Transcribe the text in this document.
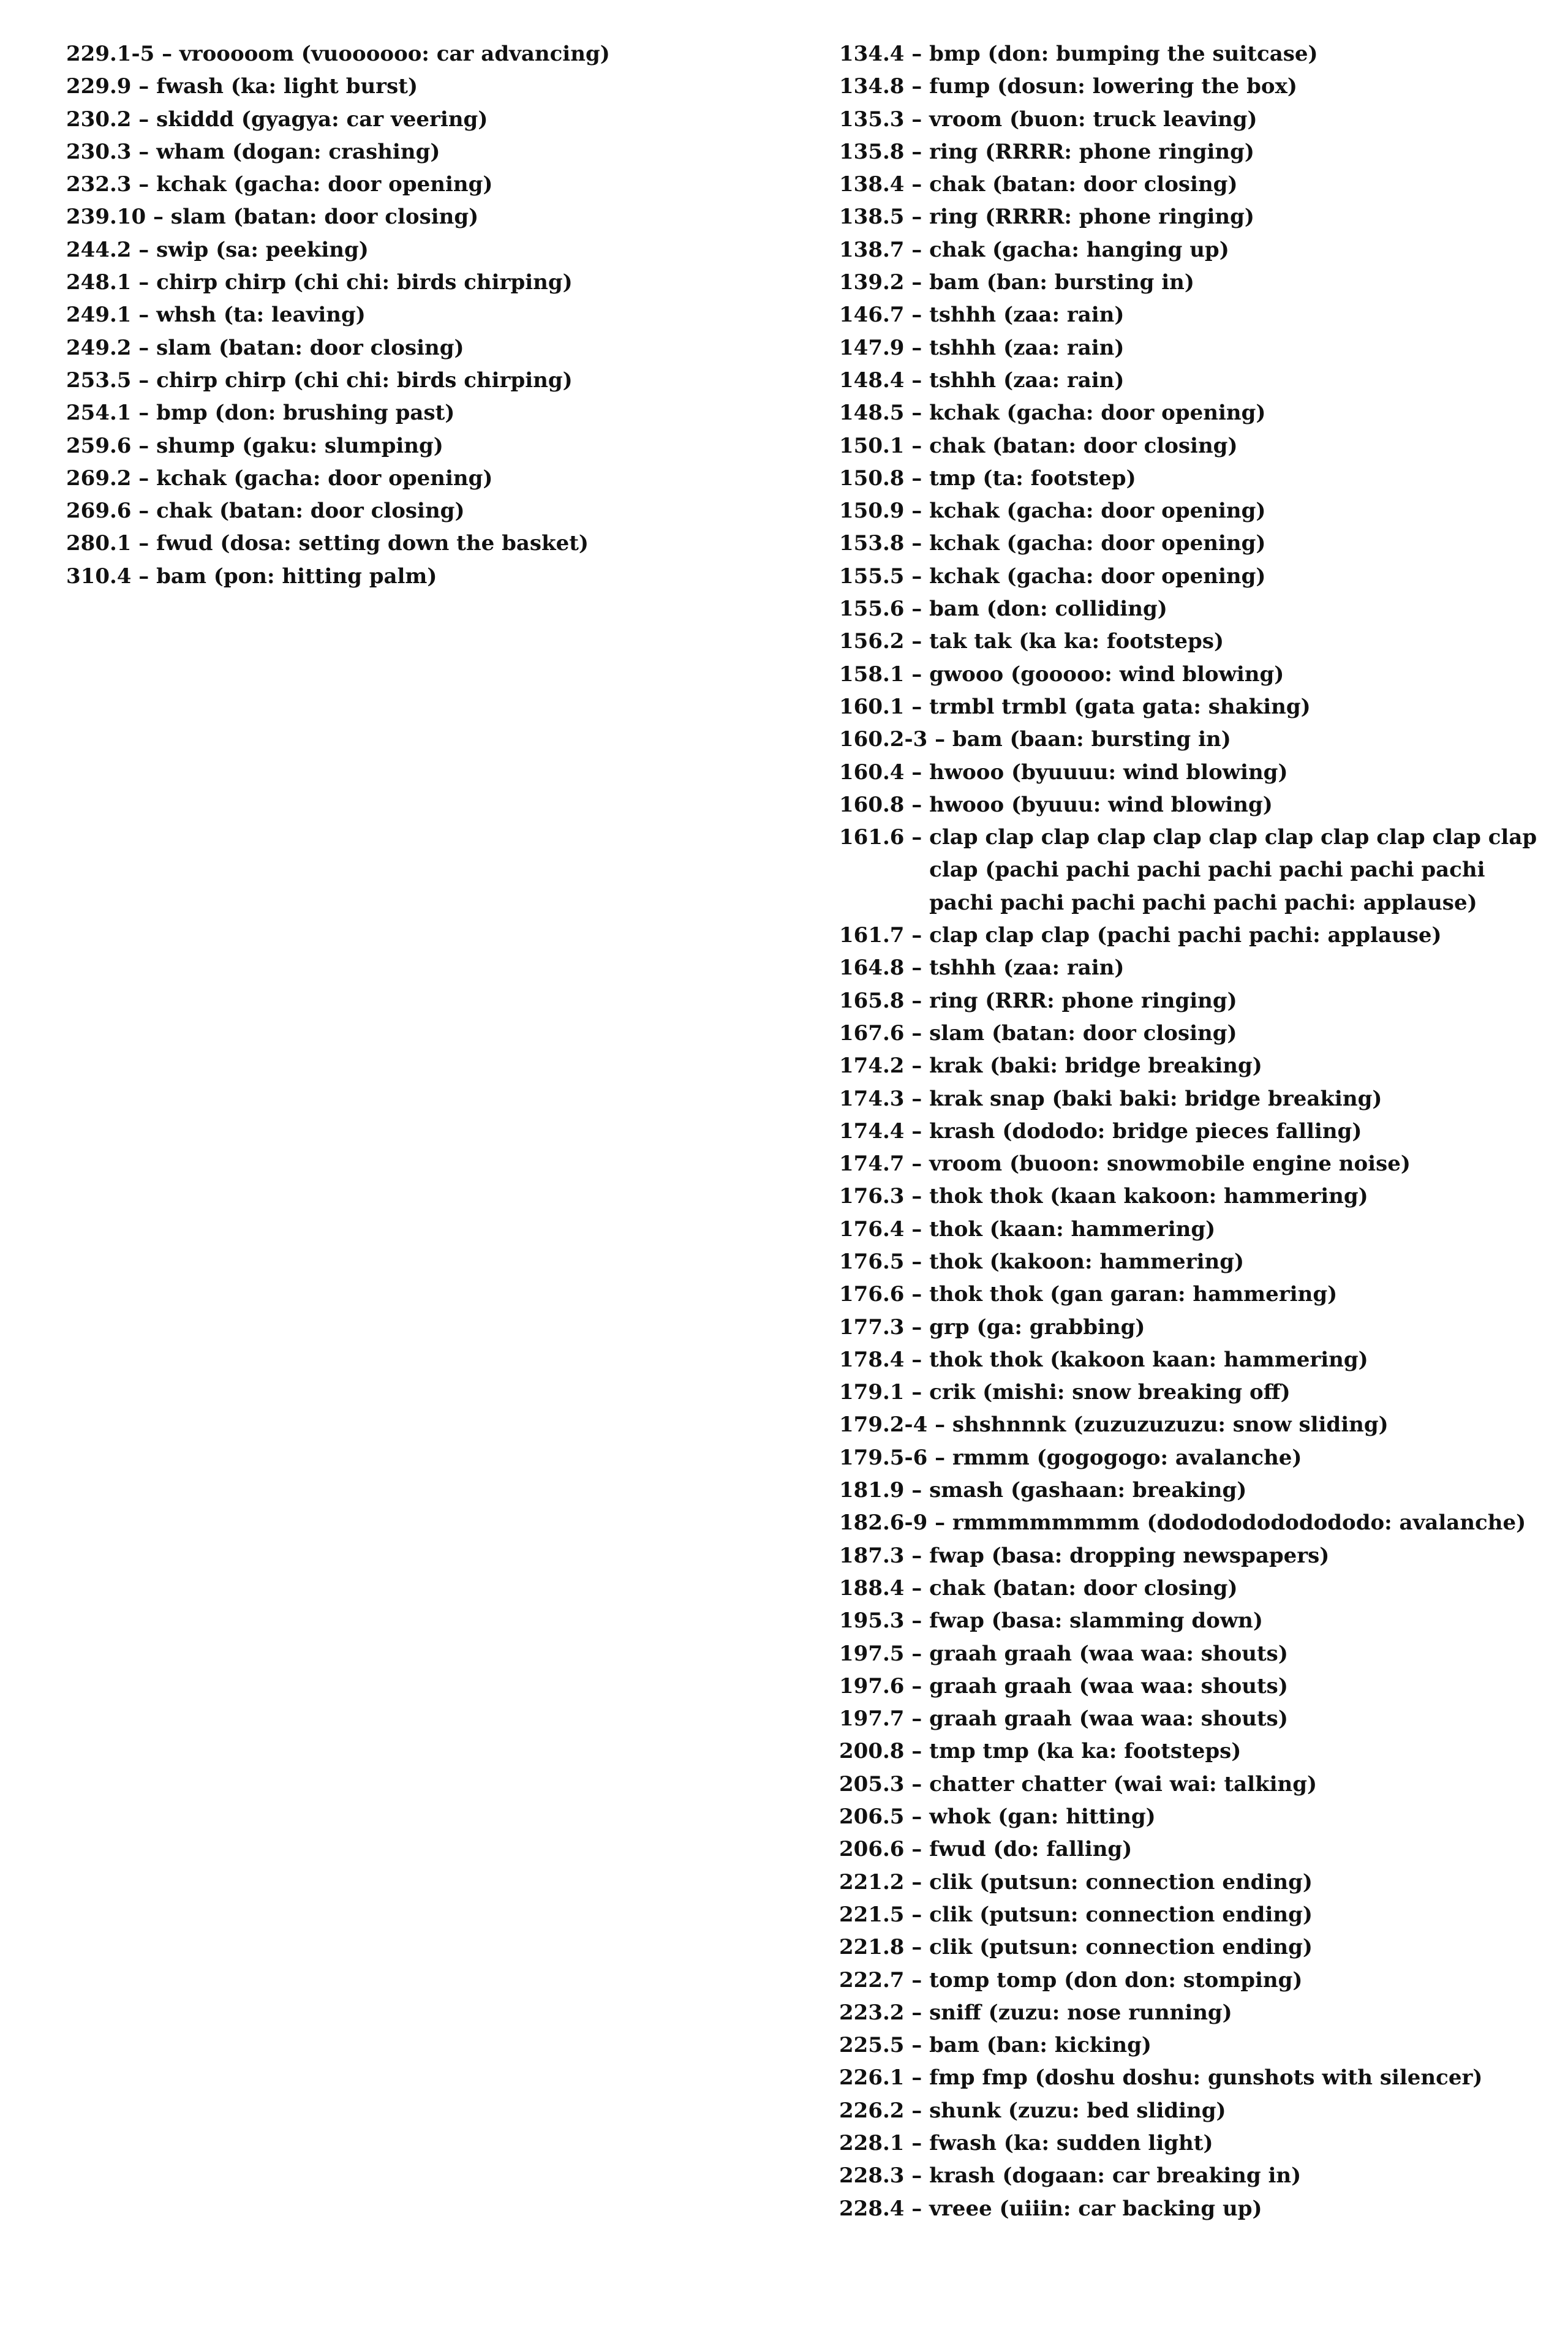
229.1-5 – vrooooom (vuoooooo: car advancing)
229.9 – fwash (ka: light burst)
230.2 – skiddd (gyagya: car veering)
230.3 – wham (dogan: crashing)
232.3 – kchak (gacha: door opening)
239.10 – slam (batan: door closing)
244.2 – swip (sa: peeking)
248.1 – chirp chirp (chi chi: birds chirping)
249.1 – whsh (ta: leaving)
249.2 – slam (batan: door closing)
253.5 – chirp chirp (chi chi: birds chirping)
254.1 – bmp (don: brushing past)
259.6 – shump (gaku: slumping)
269.2 – kchak (gacha: door opening)
269.6 – chak (batan: door closing)
280.1 – fwud (dosa: setting down the basket)
310.4 – bam (pon: hitting palm)
134.4 – bmp (don: bumping the suitcase)
134.8 – fump (dosun: lowering the box)
135.3 – vroom (buon: truck leaving)
135.8 – ring (RRRR: phone ringing)
138.4 – chak (batan: door closing)
138.5 – ring (RRRR: phone ringing)
138.7 – chak (gacha: hanging up)
139.2 – bam (ban: bursting in)
146.7 – tshhh (zaa: rain)
147.9 – tshhh (zaa: rain)
148.4 – tshhh (zaa: rain)
148.5 – kchak (gacha: door opening)
150.1 – chak (batan: door closing)
150.8 – tmp (ta: footstep)
150.9 – kchak (gacha: door opening)
153.8 – kchak (gacha: door opening)
155.5 – kchak (gacha: door opening)
155.6 – bam (don: colliding)
156.2 – tak tak (ka ka: footsteps)
158.1 – gwooo (gooooo: wind blowing)
160.1 – trmbl trmbl (gata gata: shaking)
160.2-3 – bam (baan: bursting in)
160.4 – hwooo (byuuuu: wind blowing)
160.8 – hwooo (byuuu: wind blowing)
161.6 – clap clap clap clap clap clap clap clap clap clap clap clap (pachi pachi pachi pachi pachi pachi pachi pachi pachi pachi pachi pachi pachi: applause)
161.7 – clap clap clap (pachi pachi pachi: applause)
164.8 – tshhh (zaa: rain)
165.8 – ring (RRR: phone ringing)
167.6 – slam (batan: door closing)
174.2 – krak (baki: bridge breaking)
174.3 – krak snap (baki baki: bridge breaking)
174.4 – krash (dododo: bridge pieces falling)
174.7 – vroom (buoon: snowmobile engine noise)
176.3 – thok thok (kaan kakoon: hammering)
176.4 – thok (kaan: hammering)
176.5 – thok (kakoon: hammering)
176.6 – thok thok (gan garan: hammering)
177.3 – grp (ga: grabbing)
178.4 – thok thok (kakoon kaan: hammering)
179.1 – crik (mishi: snow breaking off)
179.2-4 – shshnnnk (zuzuzuzuzu: snow sliding)
179.5-6 – rmmm (gogogogo: avalanche)
181.9 – smash (gashaan: breaking)
182.6-9 – rmmmmmmmm (dodododododododo: avalanche)
187.3 – fwap (basa: dropping newspapers)
188.4 – chak (batan: door closing)
195.3 – fwap (basa: slamming down)
197.5 – graah graah (waa waa: shouts)
197.6 – graah graah (waa waa: shouts)
197.7 – graah graah (waa waa: shouts)
200.8 – tmp tmp (ka ka: footsteps)
205.3 – chatter chatter (wai wai: talking)
206.5 – whok (gan: hitting)
206.6 – fwud (do: falling)
221.2 – clik (putsun: connection ending)
221.5 – clik (putsun: connection ending)
221.8 – clik (putsun: connection ending)
222.7 – tomp tomp (don don: stomping)
223.2 – sniff (zuzu: nose running)
225.5 – bam (ban: kicking)
226.1 – fmp fmp (doshu doshu: gunshots with silencer)
226.2 – shunk (zuzu: bed sliding)
228.1 – fwash (ka: sudden light)
228.3 – krash (dogaan: car breaking in)
228.4 – vreee (uiiin: car backing up)
